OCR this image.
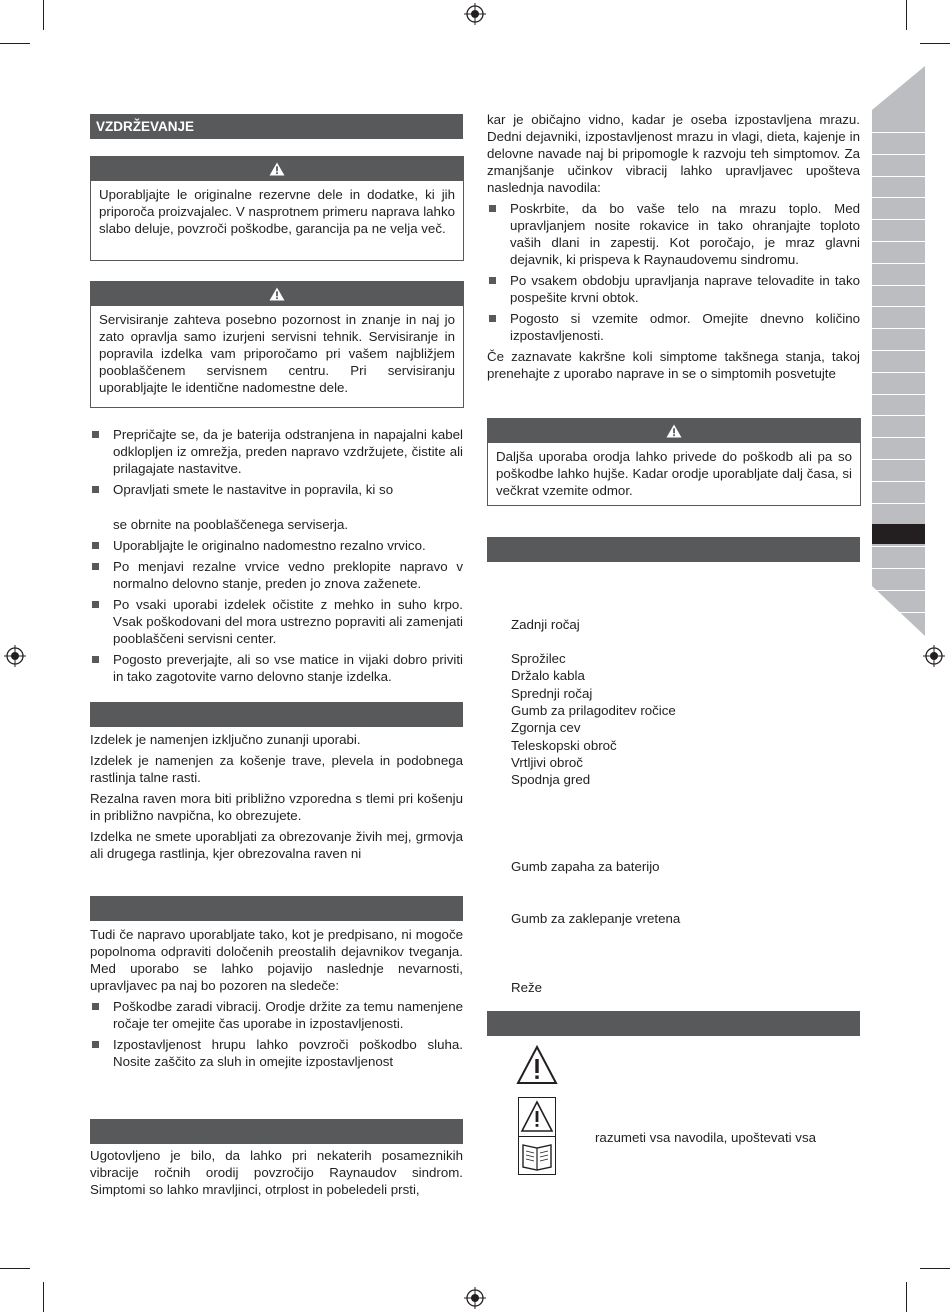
VZDRŽEVANJE
Uporabljajte le originalne rezervne dele in dodatke, ki jih priporoča proizvajalec. V nasprotnem primeru naprava lahko slabo deluje, povzroči poškodbe, garancija pa ne velja več.
Servisiranje zahteva posebno pozornost in znanje in naj jo zato opravlja samo izurjeni servisni tehnik. Servisiranje in popravila izdelka vam priporočamo pri vašem najbližjem pooblaščenem servisnem centru. Pri servisiranju uporabljajte le identične nadomestne dele.
Prepričajte se, da je baterija odstranjena in napajalni kabel odklopljen iz omrežja, preden napravo vzdržujete, čistite ali prilagajate nastavitve.
Opravljati smete le nastavitve in popravila, ki so
se obrnite na pooblaščenega serviserja.
Uporabljajte le originalno nadomestno rezalno vrvico.
Po menjavi rezalne vrvice vedno preklopite napravo v normalno delovno stanje, preden jo znova zaženete.
Po vsaki uporabi izdelek očistite z mehko in suho krpo. Vsak poškodovani del mora ustrezno popraviti ali zamenjati pooblaščeni servisni center.
Pogosto preverjajte, ali so vse matice in vijaki dobro priviti in tako zagotovite varno delovno stanje izdelka.

Izdelek je namenjen izključno zunanji uporabi.

Izdelek je namenjen za košenje trave, plevela in podobnega rastlinja talne rasti.

Rezalna raven mora biti približno vzporedna s tlemi pri košenju in približno navpična, ko obrezujete.

Izdelka ne smete uporabljati za obrezovanje živih mej, grmovja ali drugega rastlinja, kjer obrezovalna raven ni

Tudi če napravo uporabljate tako, kot je predpisano, ni mogoče popolnoma odpraviti določenih preostalih dejavnikov tveganja. Med uporabo se lahko pojavijo naslednje nevarnosti, upravljavec pa naj bo pozoren na sledeče:

Poškodbe zaradi vibracij. Orodje držite za temu namenjene ročaje ter omejite čas uporabe in izpostavljenosti.
Izpostavljenost hrupu lahko povzroči poškodbo sluha. Nosite zaščito za sluh in omejite izpostavljenost
Ugotovljeno je bilo, da lahko pri nekaterih posameznikih vibracije ročnih orodij povzročijo Raynaudov sindrom. Simptomi so lahko mravljinci, otrplost in pobeledeli prsti,

kar je običajno vidno, kadar je oseba izpostavljena mrazu. Dedni dejavniki, izpostavljenost mrazu in vlagi, dieta, kajenje in delovne navade naj bi pripomogle k razvoju teh simptomov. Za zmanjšanje učinkov vibracij lahko upravljavec upošteva naslednja navodila:

Poskrbite, da bo vaše telo na mrazu toplo. Med upravljanjem nosite rokavice in tako ohranjajte toploto vaših dlani in zapestij. Kot poročajo, je mraz glavni dejavnik, ki prispeva k Raynaudovemu sindromu.
Po vsakem obdobju upravljanja naprave telovadite in tako pospešite krvni obtok.
Pogosto si vzemite odmor. Omejite dnevno količino izpostavljenosti.

Če zaznavate kakršne koli simptome takšnega stanja, takoj prenehajte z uporabo naprave in se o simptomih posvetujte

Daljša uporaba orodja lahko privede do poškodb ali pa so poškodbe lahko hujše. Kadar orodje uporabljate dalj časa, si večkrat vzemite odmor.
Zadnji ročaj
Sprožilec
Držalo kabla
Sprednji ročaj
Gumb za prilagoditev ročice
Zgornja cev
Teleskopski obroč
Vrtljivi obroč
Spodnja gred
Gumb zapaha za baterijo
Gumb za zaklepanje vretena
Reže
razumeti vsa navodila, upoštevati vsa
